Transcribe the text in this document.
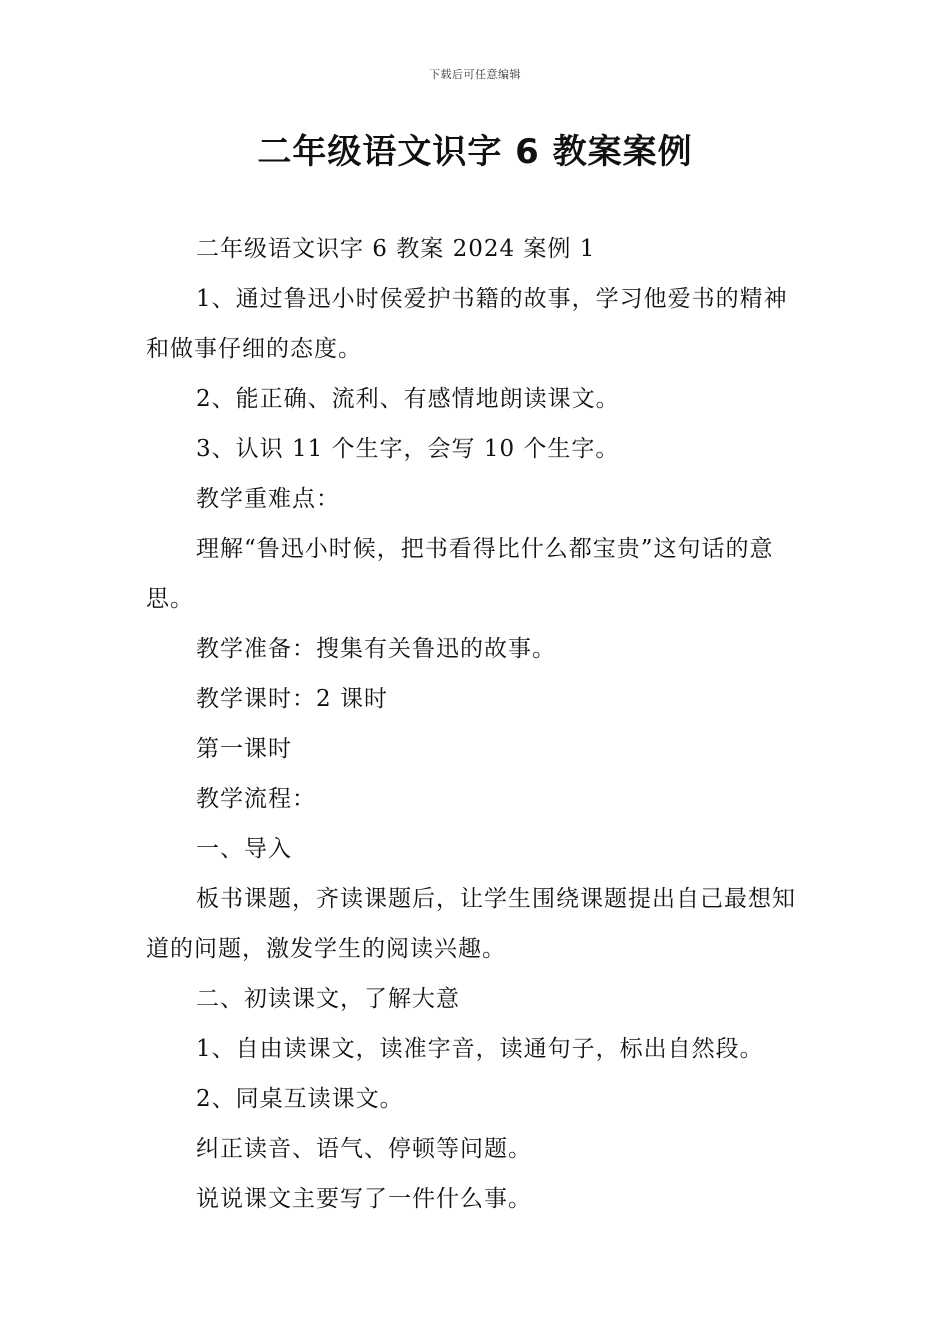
下载后可任意编辑
二年级语文识字 6 教案案例

二年级语文识字 6 教案 2024 案例 1

1、通过鲁迅小时侯爱护书籍的故事，学习他爱书的精神和做事仔细的态度。

2、能正确、流利、有感情地朗读课文。

3、认识 11 个生字，会写 10 个生字。

教学重难点：

理解“鲁迅小时候，把书看得比什么都宝贵”这句话的意思。

教学准备：搜集有关鲁迅的故事。

教学课时：2 课时

第一课时

教学流程：

一、导入

板书课题，齐读课题后，让学生围绕课题提出自己最想知道的问题，激发学生的阅读兴趣。

二、初读课文，了解大意

1、自由读课文，读准字音，读通句子，标出自然段。

2、同桌互读课文。

纠正读音、语气、停顿等问题。

说说课文主要写了一件什么事。
